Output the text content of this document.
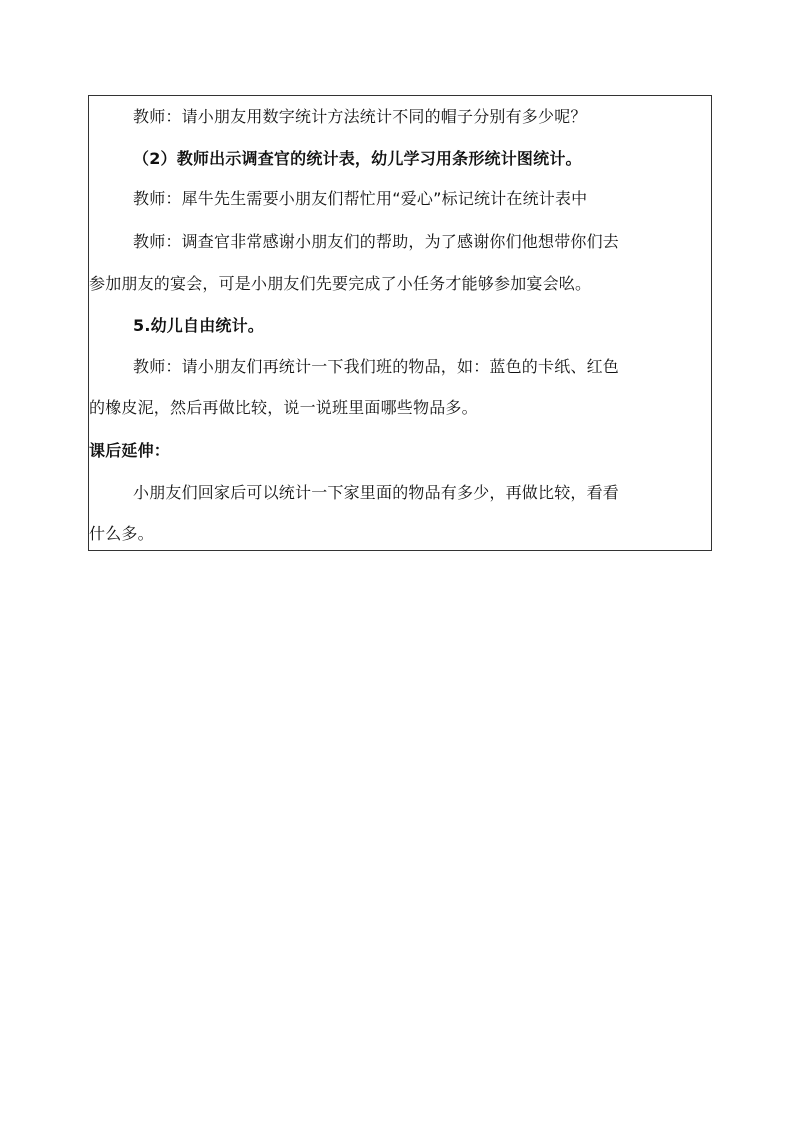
教师：请小朋友用数字统计方法统计不同的帽子分别有多少呢？
（2）教师出示调查官的统计表，幼儿学习用条形统计图统计。
教师：犀牛先生需要小朋友们帮忙用“爱心”标记统计在统计表中
教师：调查官非常感谢小朋友们的帮助，为了感谢你们他想带你们去
参加朋友的宴会，可是小朋友们先要完成了小任务才能够参加宴会吆。
5.幼儿自由统计。
教师：请小朋友们再统计一下我们班的物品，如：蓝色的卡纸、红色
的橡皮泥，然后再做比较，说一说班里面哪些物品多。
课后延伸：
小朋友们回家后可以统计一下家里面的物品有多少，再做比较，看看
什么多。
